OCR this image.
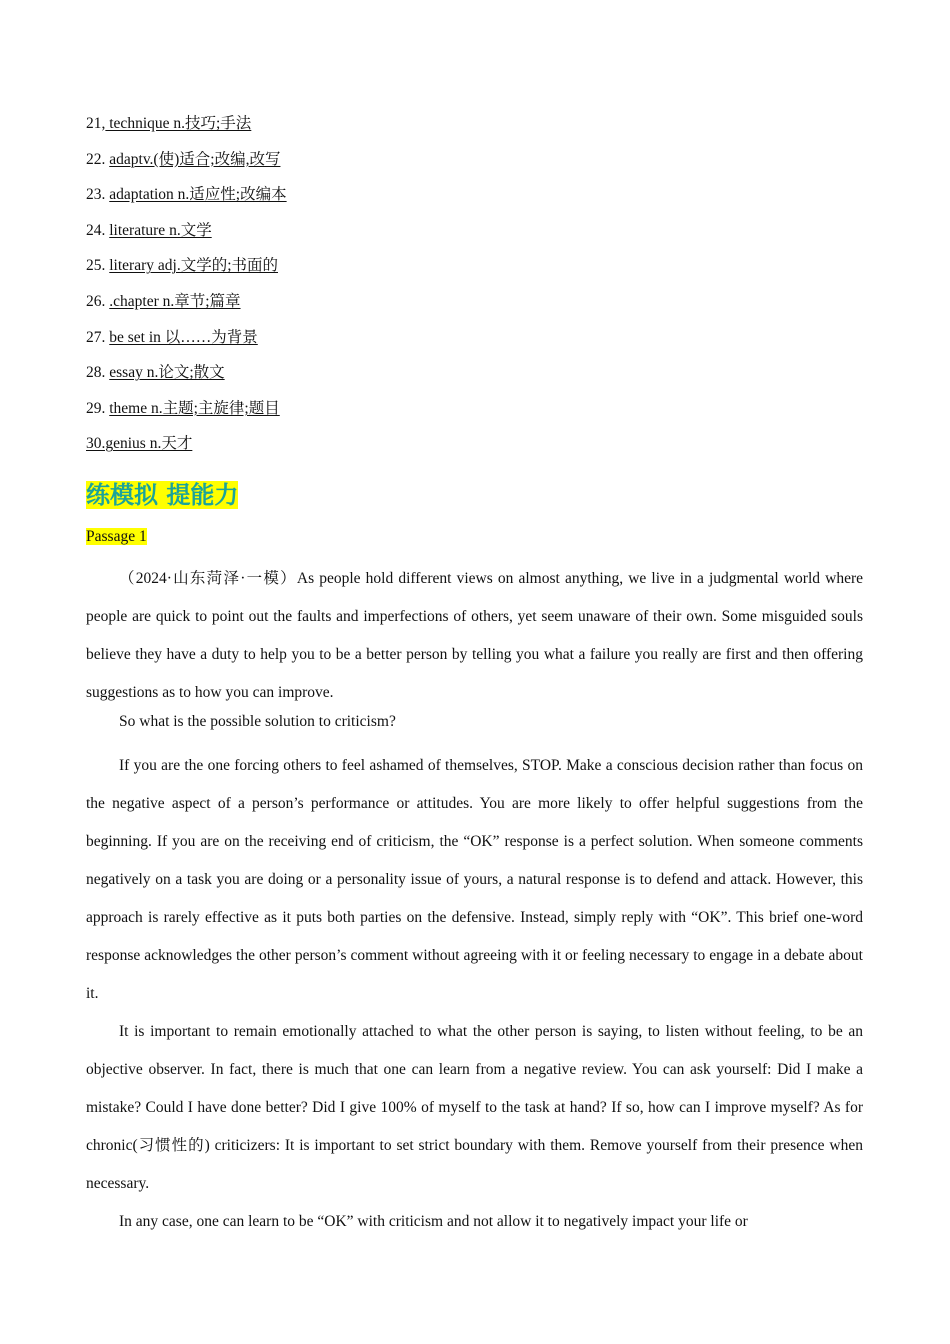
21, technique n.技巧;手法
22. adaptv.(使)适合;改编,改写
23. adaptation n.适应性;改编本
24. literature n.文学
25. literary adj.文学的;书面的
26. .chapter n.章节;篇章
27. be set in 以……为背景
28. essay n.论文;散文
29. theme n.主题;主旋律;题目
30.genius n.天才
练模拟 提能力
Passage 1

（2024·山东菏泽·一模）As people hold different views on almost anything, we live in a judgmental world where people are quick to point out the faults and imperfections of others, yet seem unaware of their own. Some misguided souls believe they have a duty to help you to be a better person by telling you what a failure you really are first and then offering suggestions as to how you can improve.

So what is the possible solution to criticism?

If you are the one forcing others to feel ashamed of themselves, STOP. Make a conscious decision rather than focus on the negative aspect of a person’s performance or attitudes. You are more likely to offer helpful suggestions from the beginning. If you are on the receiving end of criticism, the “OK” response is a perfect solution. When someone comments negatively on a task you are doing or a personality issue of yours, a natural response is to defend and attack. However, this approach is rarely effective as it puts both parties on the defensive. Instead, simply reply with “OK”. This brief one-word response acknowledges the other person’s comment without agreeing with it or feeling necessary to engage in a debate about it.

It is important to remain emotionally attached to what the other person is saying, to listen without feeling, to be an objective observer. In fact, there is much that one can learn from a negative review. You can ask yourself: Did I make a mistake? Could I have done better? Did I give 100% of myself to the task at hand? If so, how can I improve myself? As for chronic(习惯性的) criticizers: It is important to set strict boundary with them. Remove yourself from their presence when necessary.

In any case, one can learn to be “OK” with criticism and not allow it to negatively impact your life or
